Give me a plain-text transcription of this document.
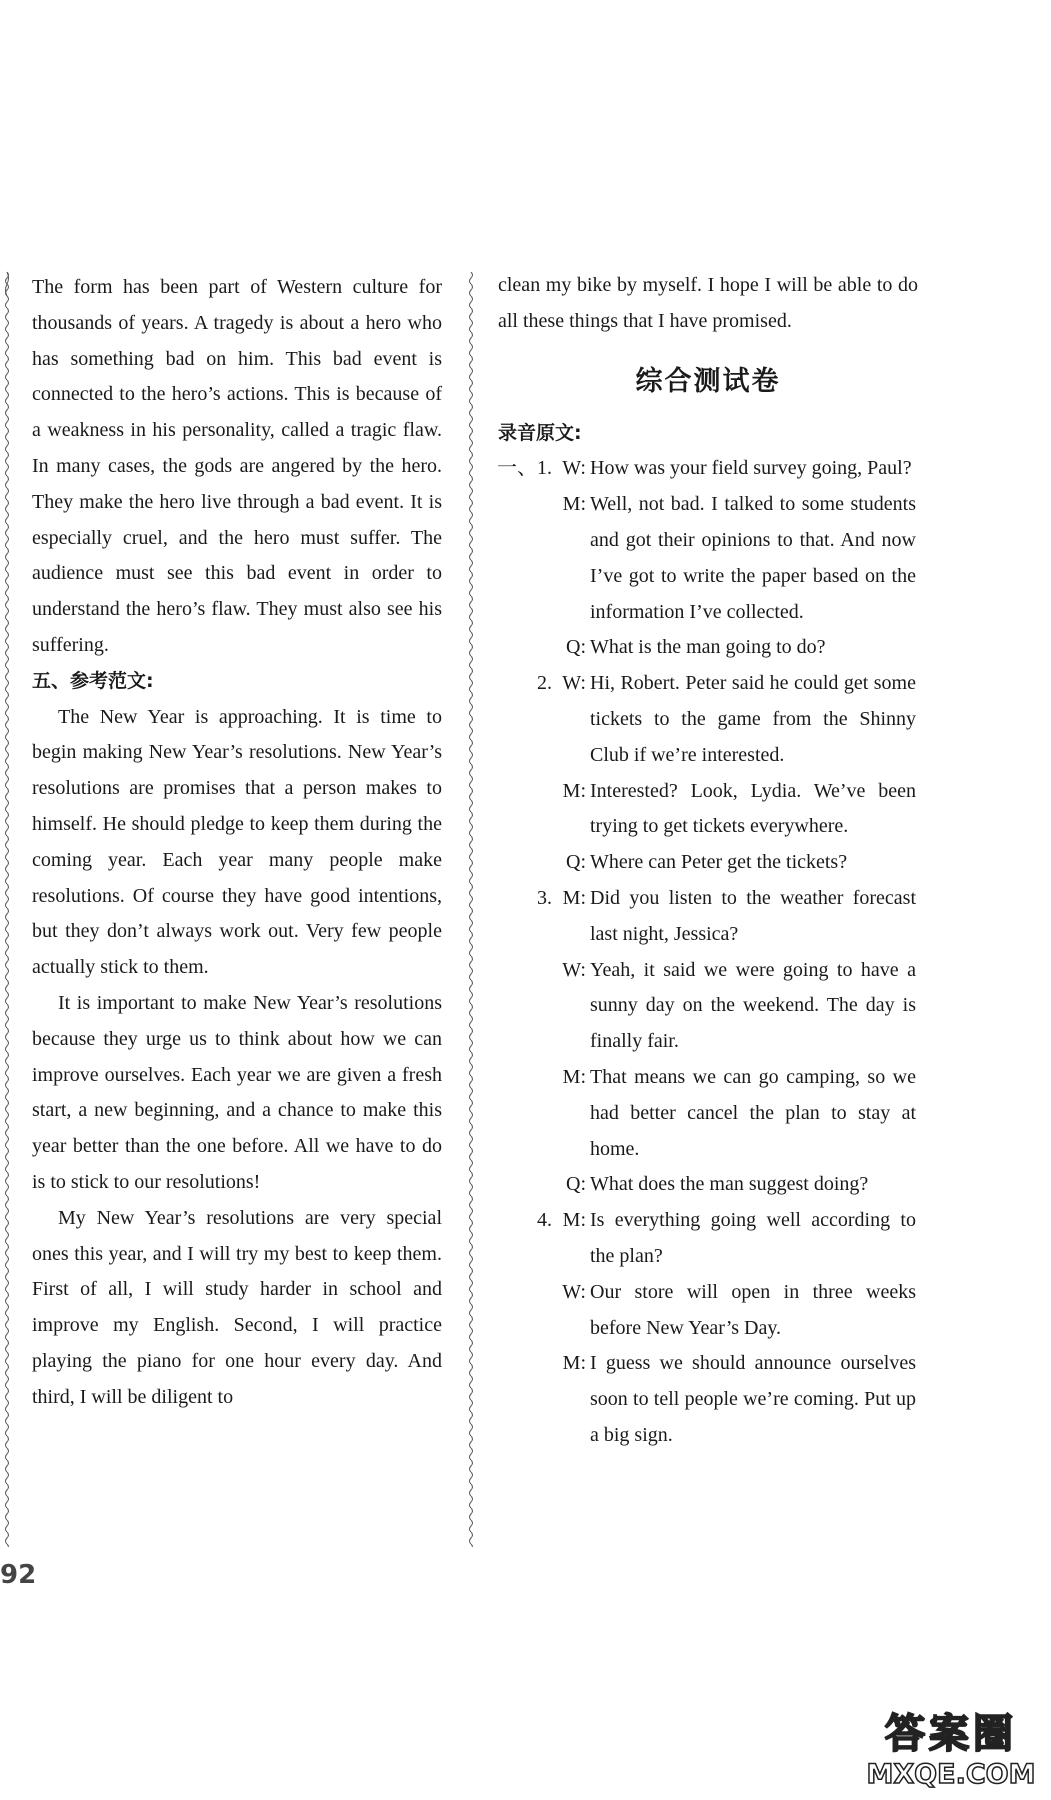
The form has been part of Western culture for thousands of years. A tragedy is about a hero who has something bad on him. This bad event is connected to the hero’s actions. This is because of a weakness in his personality, called a tragic flaw. In many cases, the gods are angered by the hero. They make the hero live through a bad event. It is especially cruel, and the hero must suffer. The audience must see this bad event in order to understand the hero’s flaw. They must also see his suffering.

五、参考范文:

The New Year is approaching. It is time to begin making New Year’s resolutions. New Year’s resolutions are promises that a person makes to himself. He should pledge to keep them during the coming year. Each year many people make resolutions. Of course they have good intentions, but they don’t always work out. Very few people actually stick to them.

It is important to make New Year’s resolutions because they urge us to think about how we can improve ourselves. Each year we are given a fresh start, a new beginning, and a chance to make this year better than the one before. All we have to do is to stick to our resolutions!

My New Year’s resolutions are very special ones this year, and I will try my best to keep them. First of all, I will study harder in school and improve my English. Second, I will practice playing the piano for one hour every day. And third, I will be diligent to

clean my bike by myself. I hope I will be able to do all these things that I have promised.

综合测试卷

录音原文:

一、1. W: How was your field survey going, Paul?
M: Well, not bad. I talked to some students and got their opinions to that. And now I’ve got to write the paper based on the information I’ve collected.
Q: What is the man going to do?
2. W: Hi, Robert. Peter said he could get some tickets to the game from the Shinny Club if we’re interested.
M: Interested? Look, Lydia. We’ve been trying to get tickets everywhere.
Q: Where can Peter get the tickets?
3. M: Did you listen to the weather forecast last night, Jessica?
W: Yeah, it said we were going to have a sunny day on the weekend. The day is finally fair.
M: That means we can go camping, so we had better cancel the plan to stay at home.
Q: What does the man suggest doing?
4. M: Is everything going well according to the plan?
W: Our store will open in three weeks before New Year’s Day.
M: I guess we should announce ourselves soon to tell people we’re coming. Put up a big sign.
92
答案圈
MXQE.COM
